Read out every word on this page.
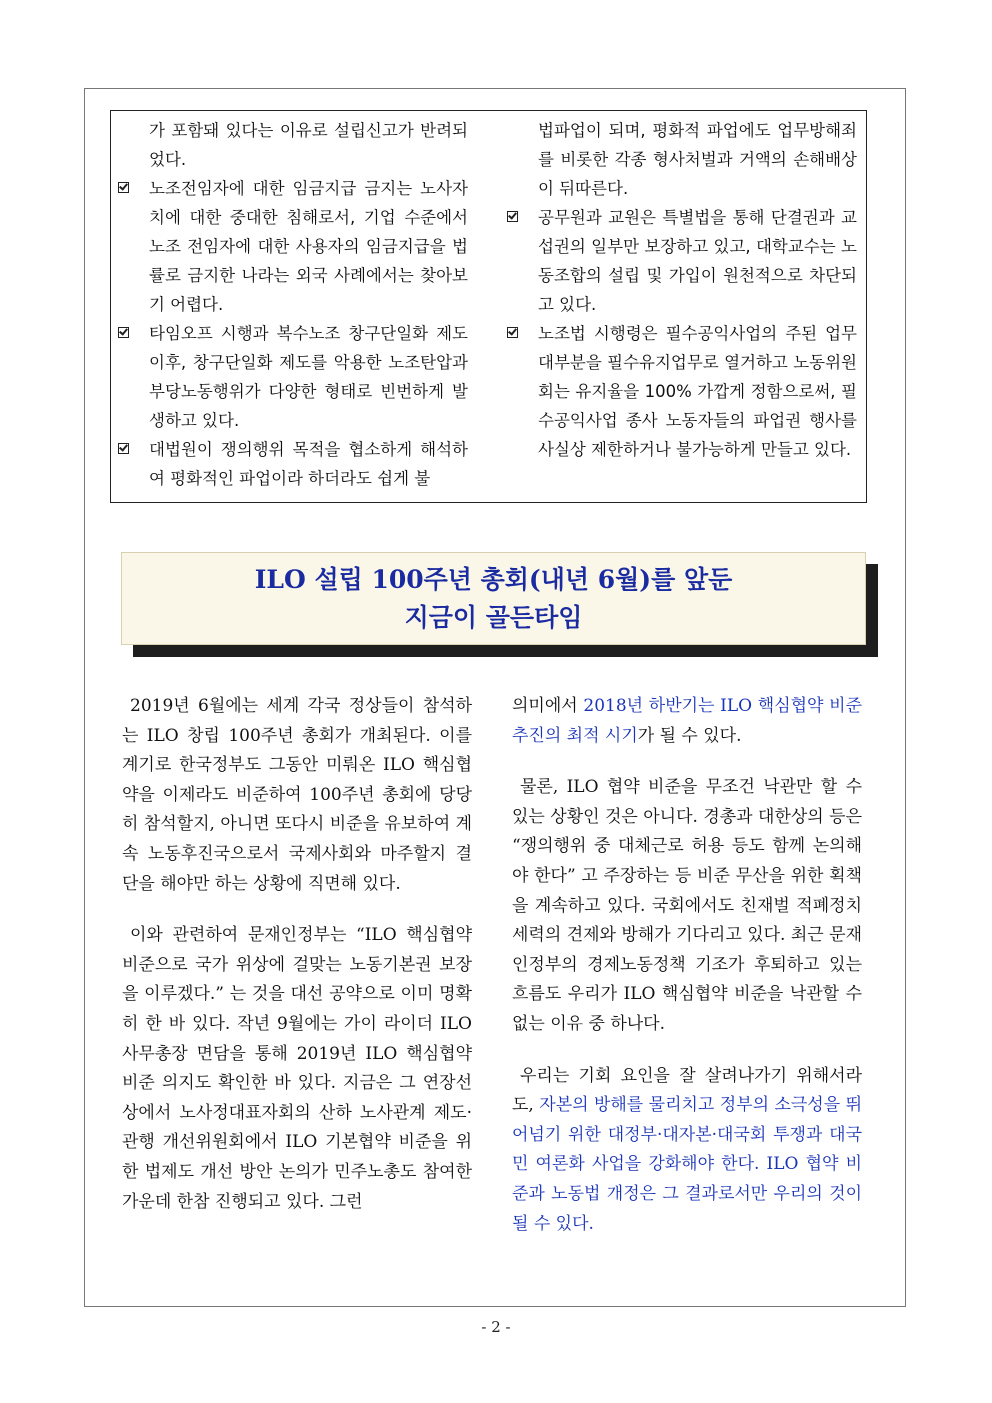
가 포함돼 있다는 이유로 설립신고가 반려되었다.
노조전임자에 대한 임금지급 금지는 노사자치에 대한 중대한 침해로서, 기업 수준에서 노조 전임자에 대한 사용자의 임금지급을 법률로 금지한 나라는 외국 사례에서는 찾아보기 어렵다.
타임오프 시행과 복수노조 창구단일화 제도 이후, 창구단일화 제도를 악용한 노조탄압과 부당노동행위가 다양한 형태로 빈번하게 발생하고 있다.
대법원이 쟁의행위 목적을 협소하게 해석하여 평화적인 파업이라 하더라도 쉽게 불
법파업이 되며, 평화적 파업에도 업무방해죄를 비롯한 각종 형사처벌과 거액의 손해배상이 뒤따른다.
공무원과 교원은 특별법을 통해 단결권과 교섭권의 일부만 보장하고 있고, 대학교수는 노동조합의 설립 및 가입이 원천적으로 차단되고 있다.
노조법 시행령은 필수공익사업의 주된 업무 대부분을 필수유지업무로 열거하고 노동위원회는 유지율을 100% 가깝게 정함으로써, 필수공익사업 종사 노동자들의 파업권 행사를 사실상 제한하거나 불가능하게 만들고 있다.
ILO 설립 100주년 총회(내년 6월)를 앞둔
지금이 골든타임

2019년 6월에는 세계 각국 정상들이 참석하는 ILO 창립 100주년 총회가 개최된다. 이를 계기로 한국정부도 그동안 미뤄온 ILO 핵심협약을 이제라도 비준하여 100주년 총회에 당당히 참석할지, 아니면 또다시 비준을 유보하여 계속 노동후진국으로서 국제사회와 마주할지 결단을 해야만 하는 상황에 직면해 있다.

이와 관련하여 문재인정부는 “ILO 핵심협약 비준으로 국가 위상에 걸맞는 노동기본권 보장을 이루겠다.” 는 것을 대선 공약으로 이미 명확히 한 바 있다. 작년 9월에는 가이 라이더 ILO 사무총장 면담을 통해 2019년 ILO 핵심협약 비준 의지도 확인한 바 있다. 지금은 그 연장선상에서 노사정대표자회의 산하 노사관계 제도·관행 개선위원회에서 ILO 기본협약 비준을 위한 법제도 개선 방안 논의가 민주노총도 참여한 가운데 한참 진행되고 있다. 그런

의미에서 2018년 하반기는 ILO 핵심협약 비준 추진의 최적 시기가 될 수 있다.

물론, ILO 협약 비준을 무조건 낙관만 할 수 있는 상황인 것은 아니다. 경총과 대한상의 등은 “쟁의행위 중 대체근로 허용 등도 함께 논의해야 한다” 고 주장하는 등 비준 무산을 위한 획책을 계속하고 있다. 국회에서도 친재벌 적폐정치세력의 견제와 방해가 기다리고 있다. 최근 문재인정부의 경제노동정책 기조가 후퇴하고 있는 흐름도 우리가 ILO 핵심협약 비준을 낙관할 수 없는 이유 중 하나다.

우리는 기회 요인을 잘 살려나가기 위해서라도, 자본의 방해를 물리치고 정부의 소극성을 뛰어넘기 위한 대정부·대자본·대국회 투쟁과 대국민 여론화 사업을 강화해야 한다. ILO 협약 비준과 노동법 개정은 그 결과로서만 우리의 것이 될 수 있다.

- 2 -
